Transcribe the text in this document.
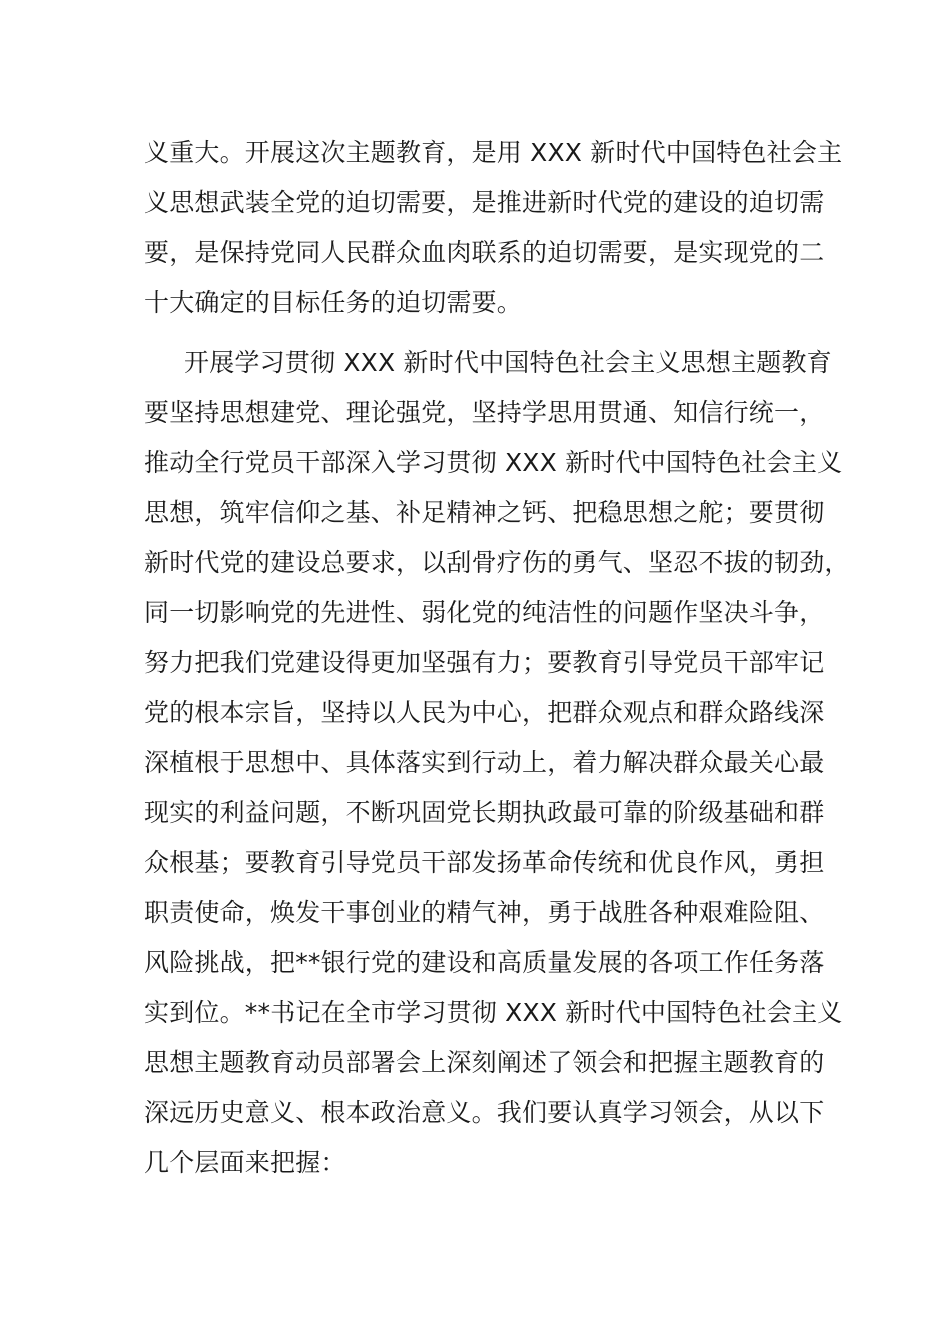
义重大。开展这次主题教育，是用 XXX 新时代中国特色社会主
义思想武装全党的迫切需要，是推进新时代党的建设的迫切需
要，是保持党同人民群众血肉联系的迫切需要，是实现党的二
十大确定的目标任务的迫切需要。
开展学习贯彻 XXX 新时代中国特色社会主义思想主题教育
要坚持思想建党、理论强党，坚持学思用贯通、知信行统一，
推动全行党员干部深入学习贯彻 XXX 新时代中国特色社会主义
思想，筑牢信仰之基、补足精神之钙、把稳思想之舵；要贯彻
新时代党的建设总要求，以刮骨疗伤的勇气、坚忍不拔的韧劲，
同一切影响党的先进性、弱化党的纯洁性的问题作坚决斗争，
努力把我们党建设得更加坚强有力；要教育引导党员干部牢记
党的根本宗旨，坚持以人民为中心，把群众观点和群众路线深
深植根于思想中、具体落实到行动上，着力解决群众最关心最
现实的利益问题，不断巩固党长期执政最可靠的阶级基础和群
众根基；要教育引导党员干部发扬革命传统和优良作风，勇担
职责使命，焕发干事创业的精气神，勇于战胜各种艰难险阻、
风险挑战，把**银行党的建设和高质量发展的各项工作任务落
实到位。**书记在全市学习贯彻 XXX 新时代中国特色社会主义
思想主题教育动员部署会上深刻阐述了领会和把握主题教育的
深远历史意义、根本政治意义。我们要认真学习领会，从以下
几个层面来把握：
